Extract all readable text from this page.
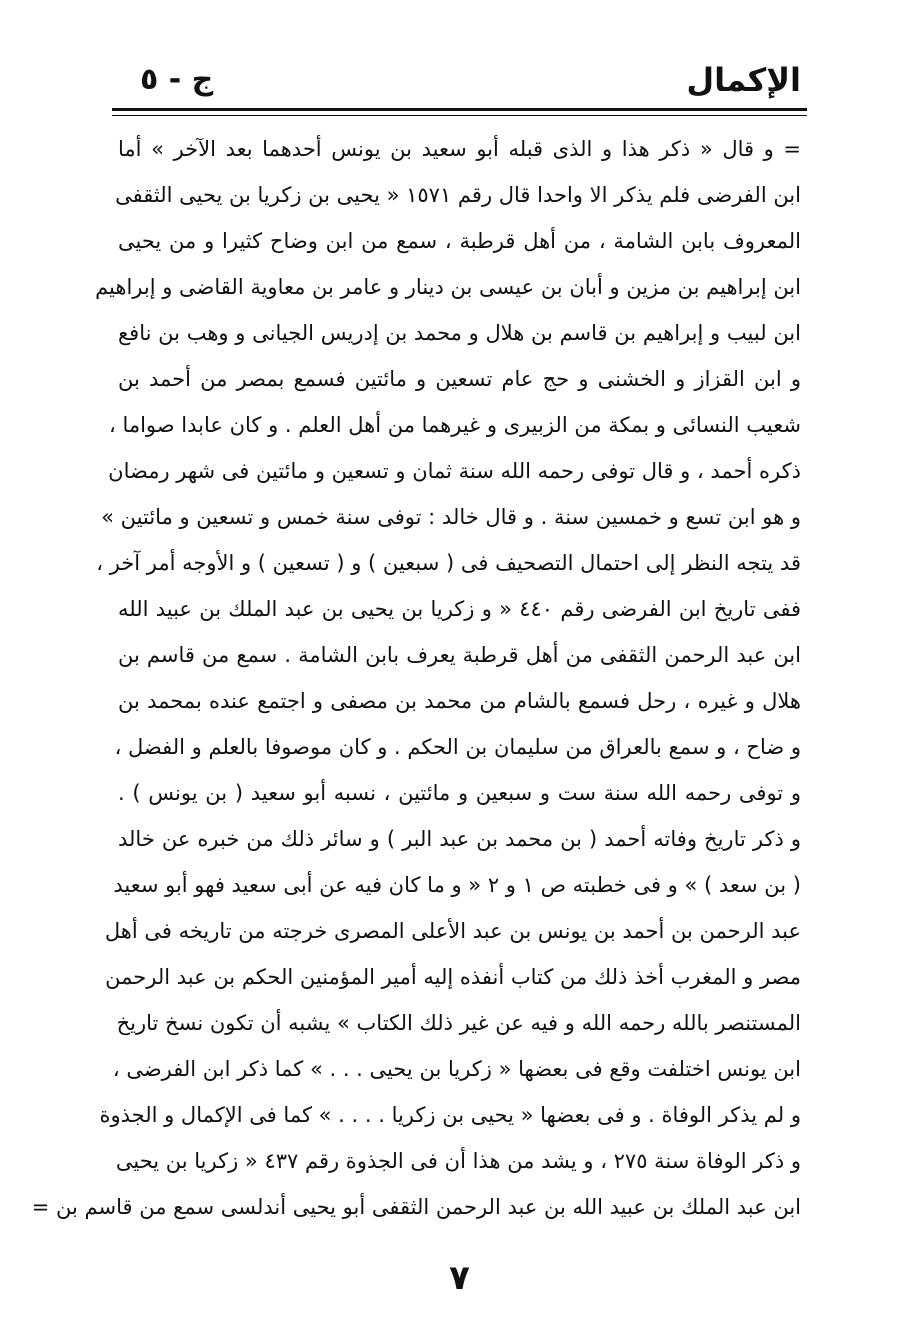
الإكمال
ج - ٥
= و قال « ذكر هذا و الذى قبله أبو سعيد بن يونس أحدهما بعد الآخر » أما
ابن الفرضى فلم يذكر الا واحدا قال رقم ١٥٧١ « يحيى بن زكريا بن يحيى الثقفى
المعروف بابن الشامة ، من أهل قرطبة ، سمع من ابن وضاح كثيرا و من يحيى
ابن إبراهيم بن مزين و أبان بن عيسى بن دينار و عامر بن معاوية القاضى و إبراهيم
ابن لبيب و إبراهيم بن قاسم بن هلال و محمد بن إدريس الجيانى و وهب بن نافع
و ابن القزاز و الخشنى و حج عام تسعين و مائتين فسمع بمصر من أحمد بن
شعيب النسائى و بمكة من الزبيرى و غيرهما من أهل العلم . و كان عابدا صواما ،
ذكره أحمد ، و قال توفى رحمه الله سنة ثمان و تسعين و مائتين فى شهر رمضان
و هو ابن تسع و خمسين سنة . و قال خالد : توفى سنة خمس و تسعين و مائتين »
قد يتجه النظر إلى احتمال التصحيف فى ( سبعين ) و ( تسعين ) و الأوجه أمر آخر ،
ففى تاريخ ابن الفرضى رقم ٤٤٠ « و زكريا بن يحيى بن عبد الملك بن عبيد الله
ابن عبد الرحمن الثقفى من أهل قرطبة يعرف بابن الشامة . سمع من قاسم بن
هلال و غيره ، رحل فسمع بالشام من محمد بن مصفى و اجتمع عنده بمحمد بن
و ضاح ، و سمع بالعراق من سليمان بن الحكم . و كان موصوفا بالعلم و الفضل ،
و توفى رحمه الله سنة ست و سبعين و مائتين ، نسبه أبو سعيد ( بن يونس ) .
و ذكر تاريخ وفاته أحمد ( بن محمد بن عبد البر ) و سائر ذلك من خبره عن خالد
( بن سعد ) » و فى خطبته ص ١ و ٢ « و ما كان فيه عن أبى سعيد فهو أبو سعيد
عبد الرحمن بن أحمد بن يونس بن عبد الأعلى المصرى خرجته من تاريخه فى أهل
مصر و المغرب أخذ ذلك من كتاب أنفذه إليه أمير المؤمنين الحكم بن عبد الرحمن
المستنصر بالله رحمه الله و فيه عن غير ذلك الكتاب » يشبه أن تكون نسخ تاريخ
ابن يونس اختلفت وقع فى بعضها « زكريا بن يحيى . . . » كما ذكر ابن الفرضى ،
و لم يذكر الوفاة . و فى بعضها « يحيى بن زكريا . . . . » كما فى الإكمال و الجذوة
و ذكر الوفاة سنة ٢٧٥ ، و يشد من هذا أن فى الجذوة رقم ٤٣٧ « زكريا بن يحيى
ابن عبد الملك بن عبيد الله بن عبد الرحمن الثقفى أبو يحيى أندلسى سمع من قاسم بن =
٧
